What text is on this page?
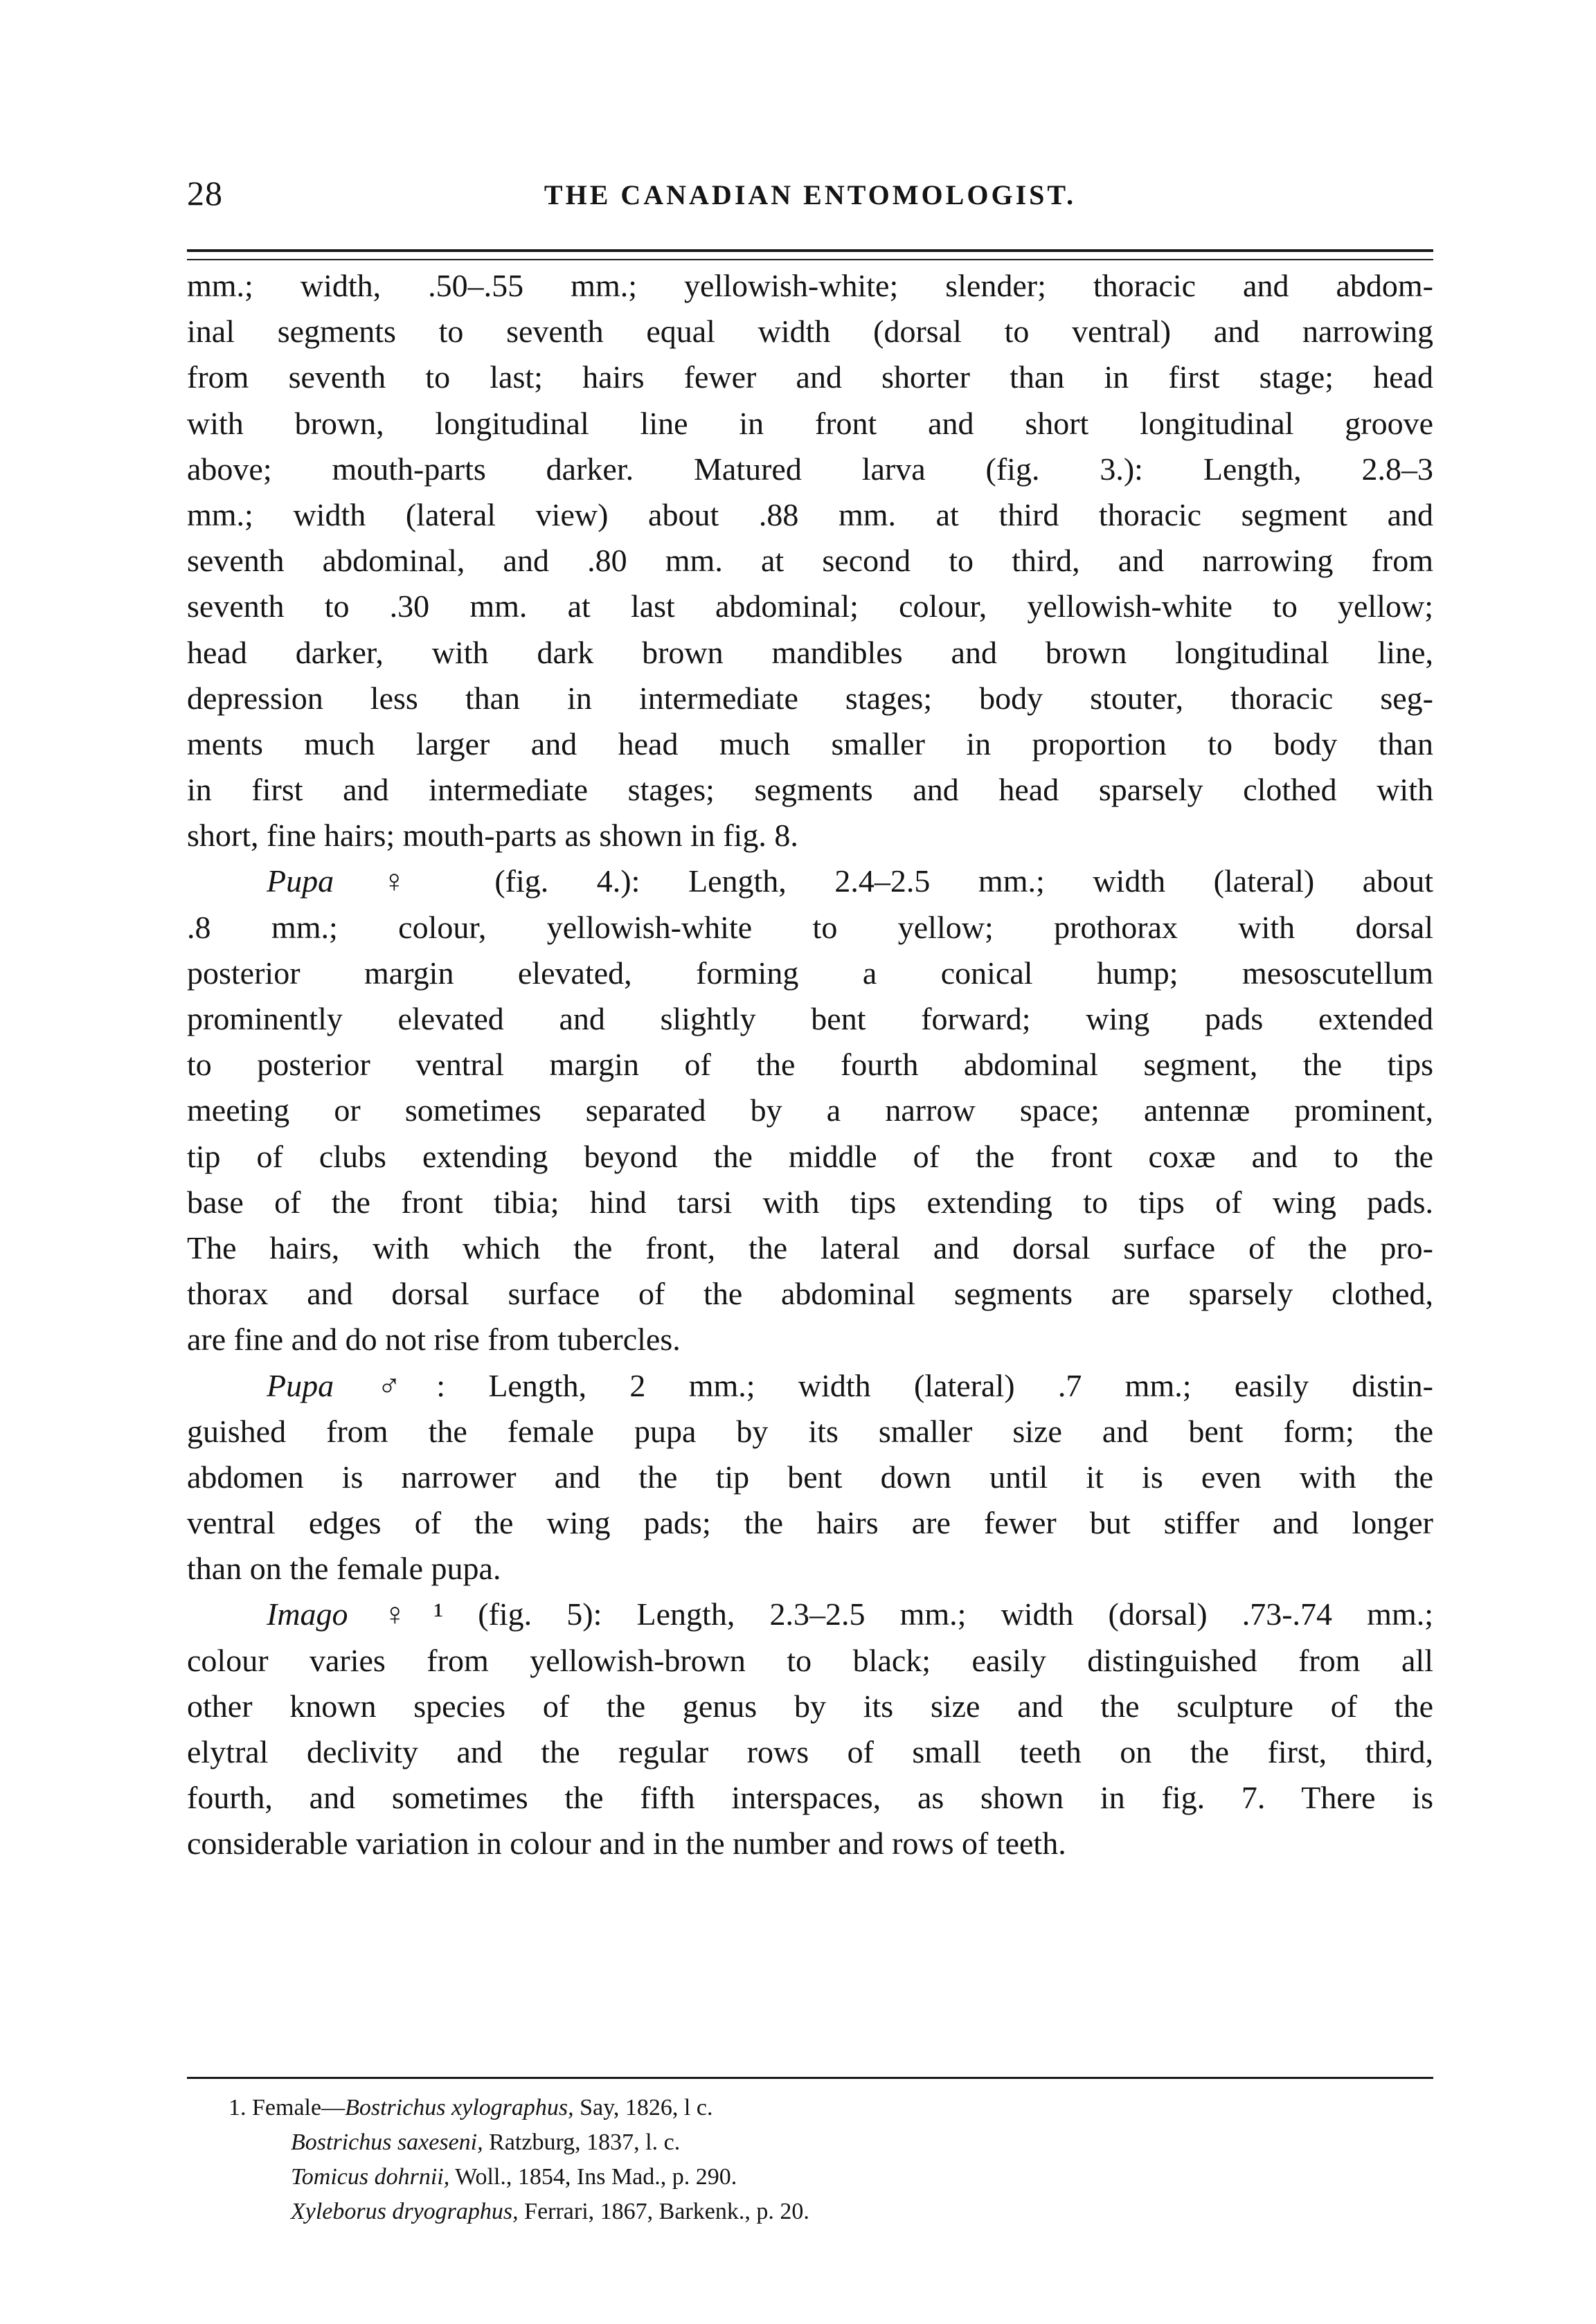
28	THE CANADIAN ENTOMOLOGIST.
mm.; width, .50–.55 mm.; yellowish-white; slender; thoracic and abdom-
inal segments to seventh equal width (dorsal to ventral) and narrowing
from seventh to last; hairs fewer and shorter than in first stage; head
with brown, longitudinal line in front and short longitudinal groove
above; mouth-parts darker. Matured larva (fig. 3.): Length, 2.8–3
mm.; width (lateral view) about .88 mm. at third thoracic segment and
seventh abdominal, and .80 mm. at second to third, and narrowing from
seventh to .30 mm. at last abdominal; colour, yellowish-white to yellow;
head darker, with dark brown mandibles and brown longitudinal line,
depression less than in intermediate stages; body stouter, thoracic seg-
ments much larger and head much smaller in proportion to body than
in first and intermediate stages; segments and head sparsely clothed with
short, fine hairs; mouth-parts as shown in fig. 8.
Pupa ♀ (fig. 4.): Length, 2.4–2.5 mm.; width (lateral) about
.8 mm.; colour, yellowish-white to yellow; prothorax with dorsal
posterior margin elevated, forming a conical hump; mesoscutellum
prominently elevated and slightly bent forward; wing pads extended
to posterior ventral margin of the fourth abdominal segment, the tips
meeting or sometimes separated by a narrow space; antennæ prominent,
tip of clubs extending beyond the middle of the front coxæ and to the
base of the front tibia; hind tarsi with tips extending to tips of wing pads.
The hairs, with which the front, the lateral and dorsal surface of the pro-
thorax and dorsal surface of the abdominal segments are sparsely clothed,
are fine and do not rise from tubercles.
Pupa ♂: Length, 2 mm.; width (lateral) .7 mm.; easily distin-
guished from the female pupa by its smaller size and bent form; the
abdomen is narrower and the tip bent down until it is even with the
ventral edges of the wing pads; the hairs are fewer but stiffer and longer
than on the female pupa.
Imago ♀¹ (fig. 5): Length, 2.3–2.5 mm.; width (dorsal) .73-.74 mm.;
colour varies from yellowish-brown to black; easily distinguished from all
other known species of the genus by its size and the sculpture of the
elytral declivity and the regular rows of small teeth on the first, third,
fourth, and sometimes the fifth interspaces, as shown in fig. 7. There is
considerable variation in colour and in the number and rows of teeth.
1. Female—Bostrichus xylographus, Say, 1826, l c.
Bostrichus saxeseni, Ratzburg, 1837, l. c.
Tomicus dohrnii, Woll., 1854, Ins Mad., p. 290.
Xyleborus dryographus, Ferrari, 1867, Barkenk., p. 20.
